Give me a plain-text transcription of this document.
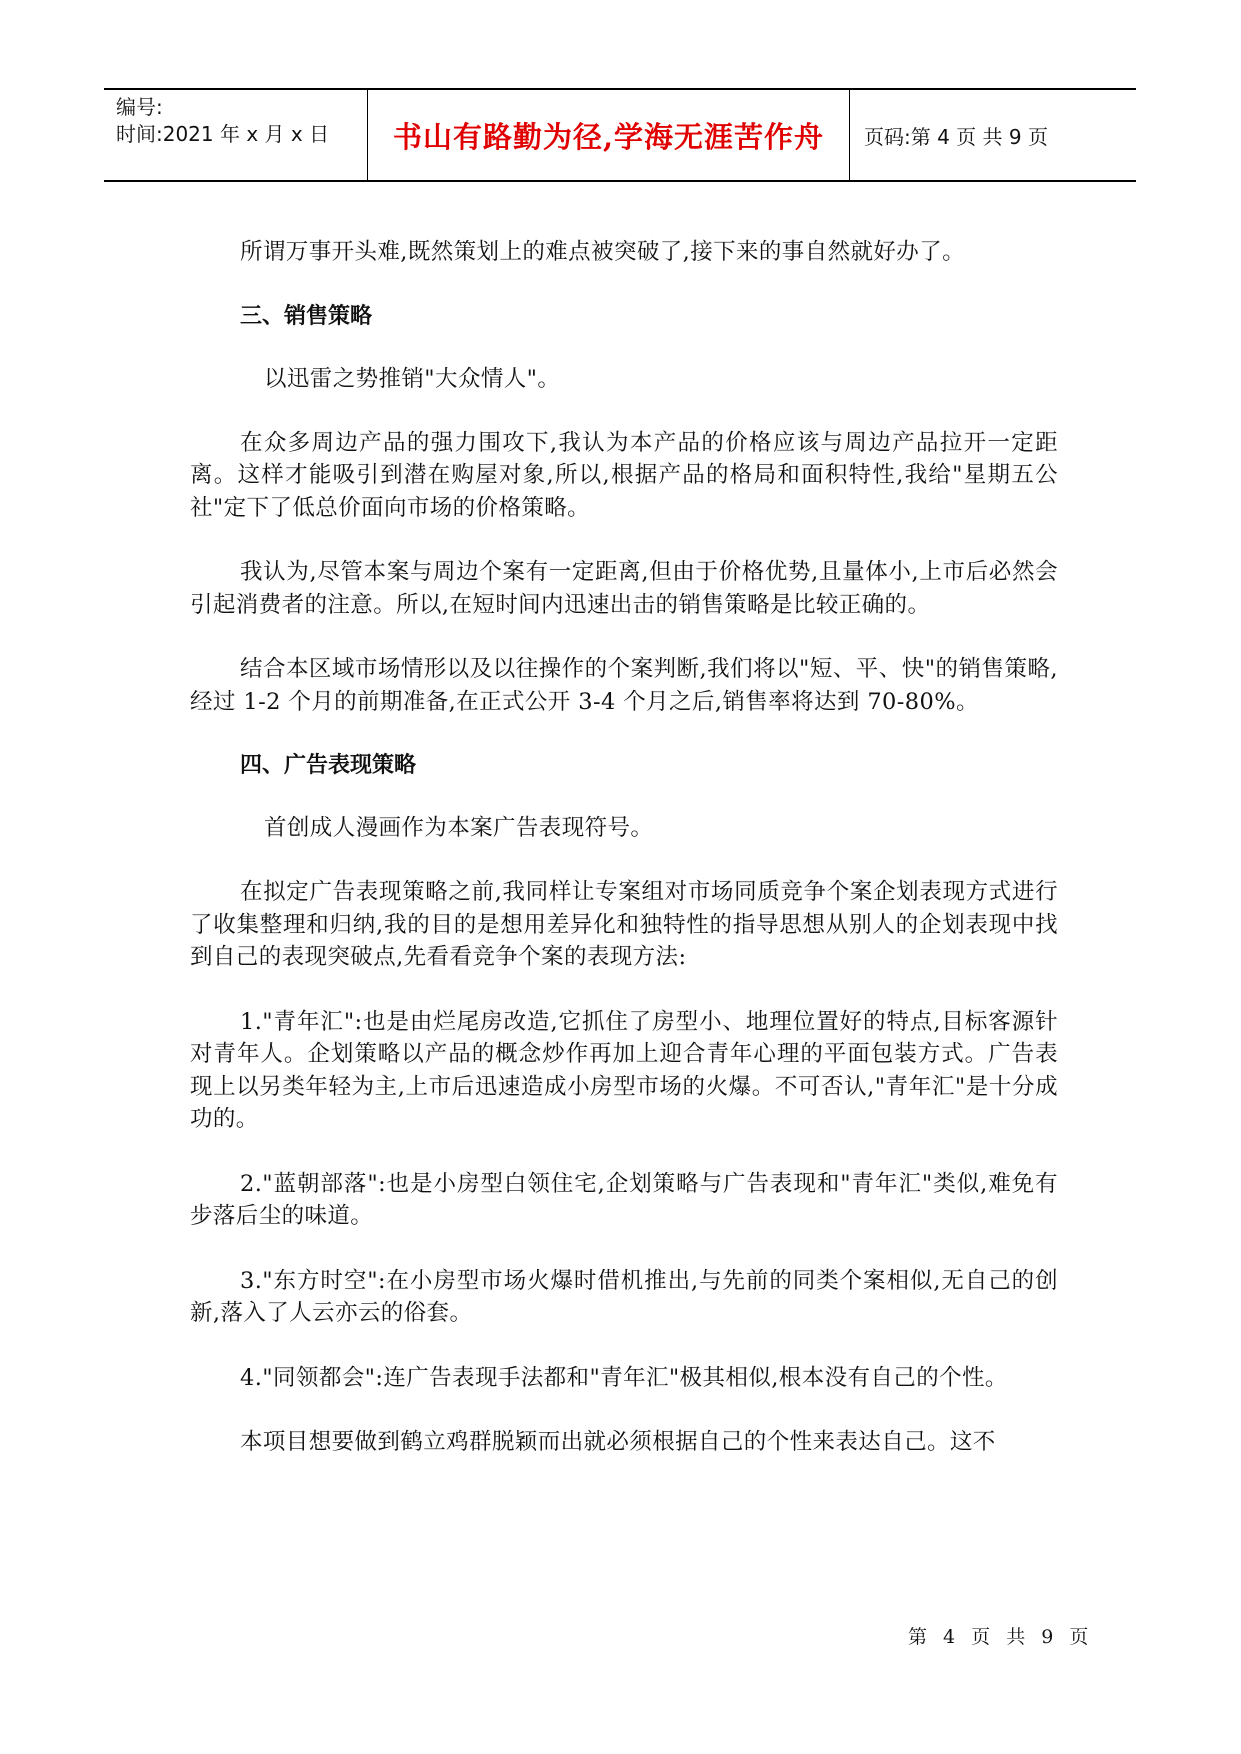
编号:
时间:2021 年 x 月 x 日	书山有路勤为径,学海无涯苦作舟 页码:第 4 页 共 9 页

所谓万事开头难,既然策划上的难点被突破了,接下来的事自然就好办了。

三、销售策略
以迅雷之势推销"大众情人"。

在众多周边产品的强力围攻下,我认为本产品的价格应该与周边产品拉开一定距离。这样才能吸引到潜在购屋对象,所以,根据产品的格局和面积特性,我给"星期五公社"定下了低总价面向市场的价格策略。

我认为,尽管本案与周边个案有一定距离,但由于价格优势,且量体小,上市后必然会引起消费者的注意。所以,在短时间内迅速出击的销售策略是比较正确的。

结合本区域市场情形以及以往操作的个案判断,我们将以"短、平、快"的销售策略,经过 1-2 个月的前期准备,在正式公开 3-4 个月之后,销售率将达到 70-80%。

四、广告表现策略
首创成人漫画作为本案广告表现符号。

在拟定广告表现策略之前,我同样让专案组对市场同质竞争个案企划表现方式进行了收集整理和归纳,我的目的是想用差异化和独特性的指导思想从别人的企划表现中找到自己的表现突破点,先看看竞争个案的表现方法:

1."青年汇":也是由烂尾房改造,它抓住了房型小、地理位置好的特点,目标客源针对青年人。企划策略以产品的概念炒作再加上迎合青年心理的平面包装方式。广告表现上以另类年轻为主,上市后迅速造成小房型市场的火爆。不可否认,"青年汇"是十分成功的。

2."蓝朝部落":也是小房型白领住宅,企划策略与广告表现和"青年汇"类似,难免有步落后尘的味道。

3."东方时空":在小房型市场火爆时借机推出,与先前的同类个案相似,无自己的创新,落入了人云亦云的俗套。

4."同领都会":连广告表现手法都和"青年汇"极其相似,根本没有自己的个性。

本项目想要做到鹤立鸡群脱颖而出就必须根据自己的个性来表达自己。这不

第 4 页 共 9 页
